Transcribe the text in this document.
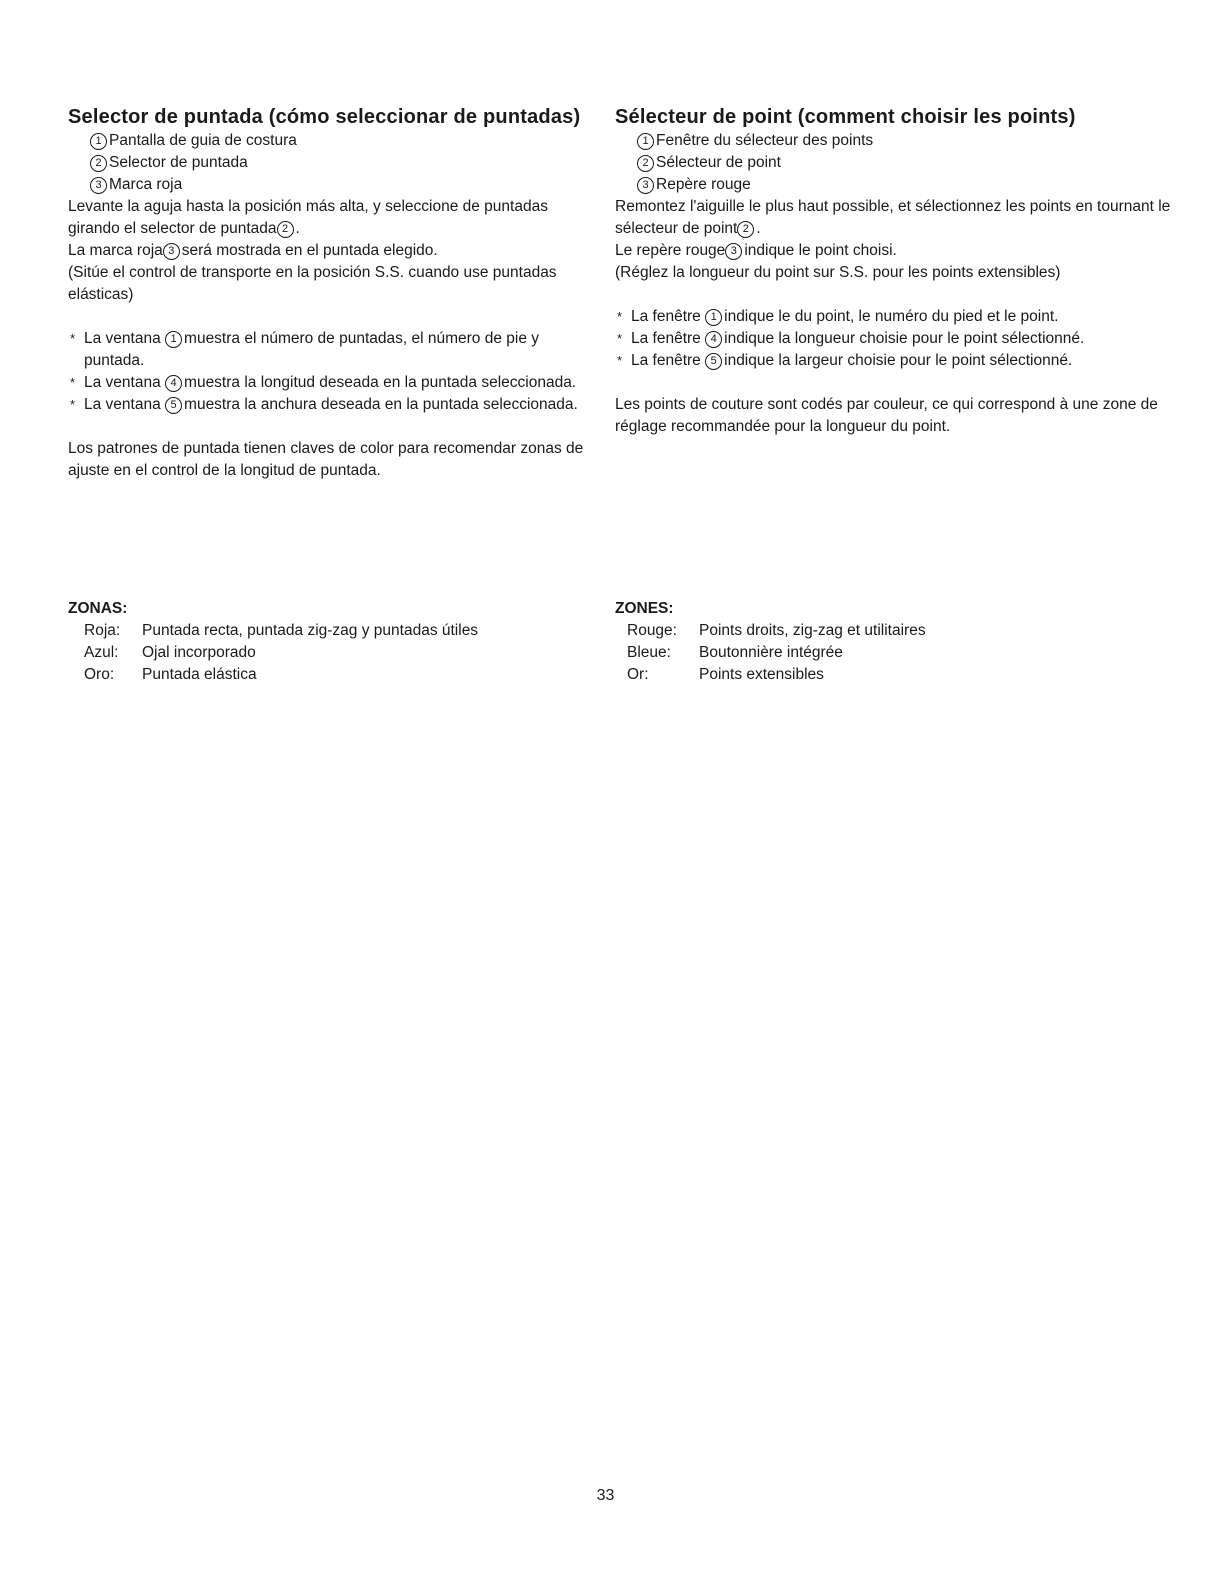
Selector de puntada (cómo seleccionar de puntadas)
1 Pantalla de guia de costura
2 Selector de puntada
3 Marca roja

Levante la aguja hasta la posición más alta, y seleccione de puntadas girando el selector de puntada 2 .

La marca roja 3 será mostrada en el puntada elegido.

(Sitúe el control de transporte en la posición S.S. cuando use puntadas elásticas)

* La ventana 1 muestra el número de puntadas, el número de pie y puntada.
* La ventana 4 muestra la longitud deseada en la puntada seleccionada.
* La ventana 5 muestra la anchura deseada en la puntada seleccionada.

Los patrones de puntada tienen claves de color para recomendar zonas de ajuste en el control de la longitud de puntada.

Sélecteur de point (comment choisir les points)
1 Fenêtre du sélecteur des points
2 Sélecteur de point
3 Repère rouge

Remontez l'aiguille le plus haut possible, et sélectionnez les points en tournant le sélecteur de point 2 .

Le repère rouge 3 indique le point choisi.

(Réglez la longueur du point sur S.S. pour les points extensibles)

* La fenêtre 1 indique le du point, le numéro du pied et le point.
* La fenêtre 4 indique la longueur choisie pour le point sélectionné.
* La fenêtre 5 indique la largeur choisie pour le point sélectionné.

Les points de couture sont codés par couleur, ce qui correspond à une zone de réglage recommandée pour la longueur du point.

ZONAS:

Roja:	Puntada recta, puntada zig-zag y puntadas útiles
Azul:	Ojal incorporado
Oro:	Puntada elástica

ZONES:

Rouge:	Points droits, zig-zag et utilitaires
Bleue:	Boutonnière intégrée
Or:	Points extensibles
33
